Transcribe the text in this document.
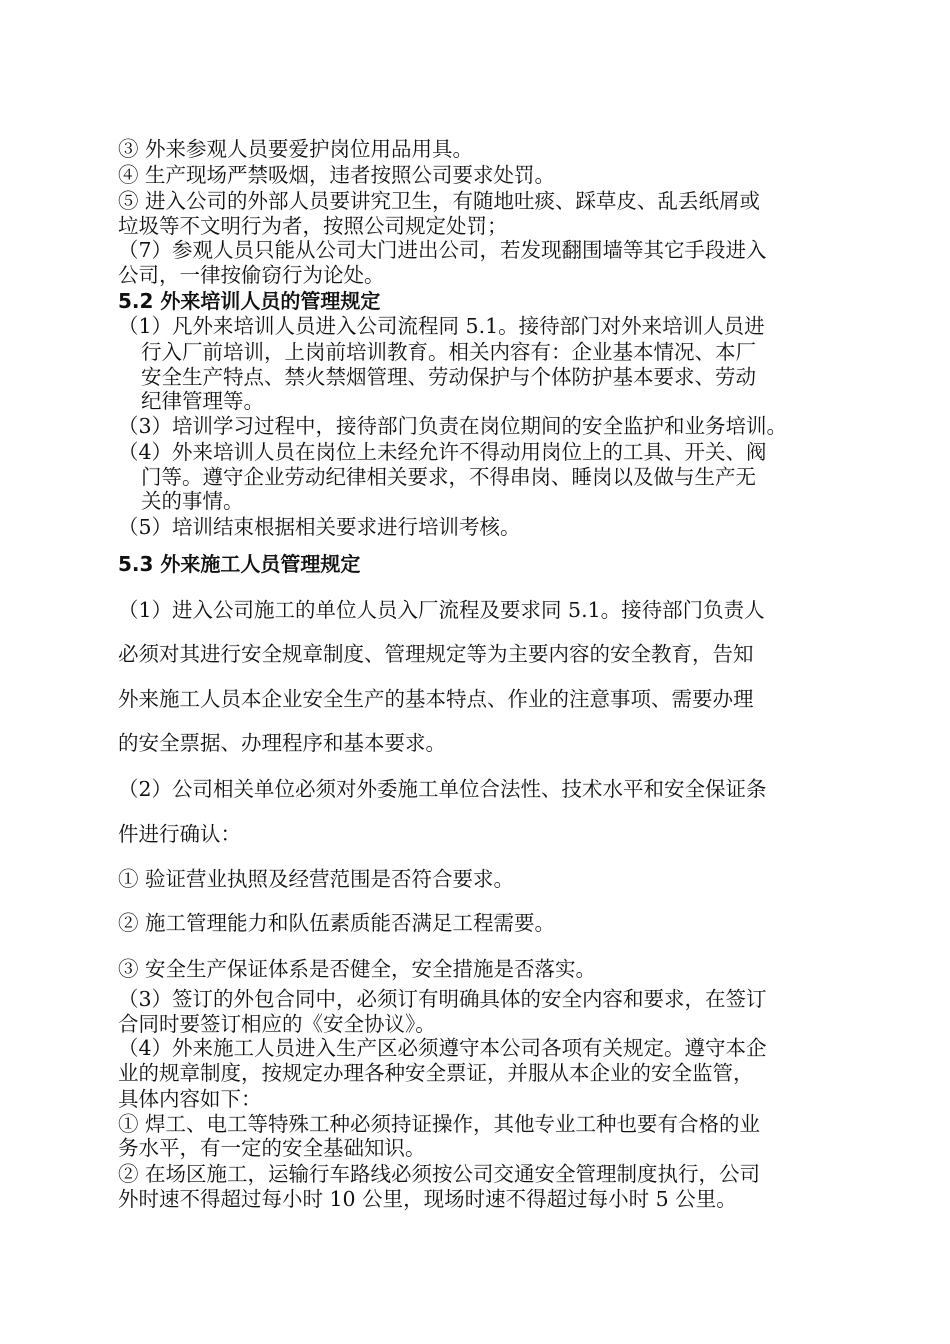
③ 外来参观人员要爱护岗位用品用具。
④ 生产现场严禁吸烟，违者按照公司要求处罚。
⑤ 进入公司的外部人员要讲究卫生，有随地吐痰、踩草皮、乱丢纸屑或
垃圾等不文明行为者，按照公司规定处罚；
（7）参观人员只能从公司大门进出公司，若发现翻围墙等其它手段进入
公司，一律按偷窃行为论处。
5.2 外来培训人员的管理规定
（1）凡外来培训人员进入公司流程同 5.1。接待部门对外来培训人员进
行入厂前培训，上岗前培训教育。相关内容有：企业基本情况、本厂
安全生产特点、禁火禁烟管理、劳动保护与个体防护基本要求、劳动
纪律管理等。
（3）培训学习过程中，接待部门负责在岗位期间的安全监护和业务培训。
（4）外来培训人员在岗位上未经允许不得动用岗位上的工具、开关、阀
门等。遵守企业劳动纪律相关要求，不得串岗、睡岗以及做与生产无
关的事情。
（5）培训结束根据相关要求进行培训考核。
5.3 外来施工人员管理规定
（1）进入公司施工的单位人员入厂流程及要求同 5.1。接待部门负责人
必须对其进行安全规章制度、管理规定等为主要内容的安全教育，告知
外来施工人员本企业安全生产的基本特点、作业的注意事项、需要办理
的安全票据、办理程序和基本要求。
（2）公司相关单位必须对外委施工单位合法性、技术水平和安全保证条
件进行确认：
① 验证营业执照及经营范围是否符合要求。
② 施工管理能力和队伍素质能否满足工程需要。
③ 安全生产保证体系是否健全，安全措施是否落实。
（3）签订的外包合同中，必须订有明确具体的安全内容和要求，在签订
合同时要签订相应的《安全协议》。
（4）外来施工人员进入生产区必须遵守本公司各项有关规定。遵守本企
业的规章制度，按规定办理各种安全票证，并服从本企业的安全监管，
具体内容如下：
① 焊工、电工等特殊工种必须持证操作，其他专业工种也要有合格的业
务水平，有一定的安全基础知识。
② 在场区施工，运输行车路线必须按公司交通安全管理制度执行，公司
外时速不得超过每小时 10 公里，现场时速不得超过每小时 5 公里。
